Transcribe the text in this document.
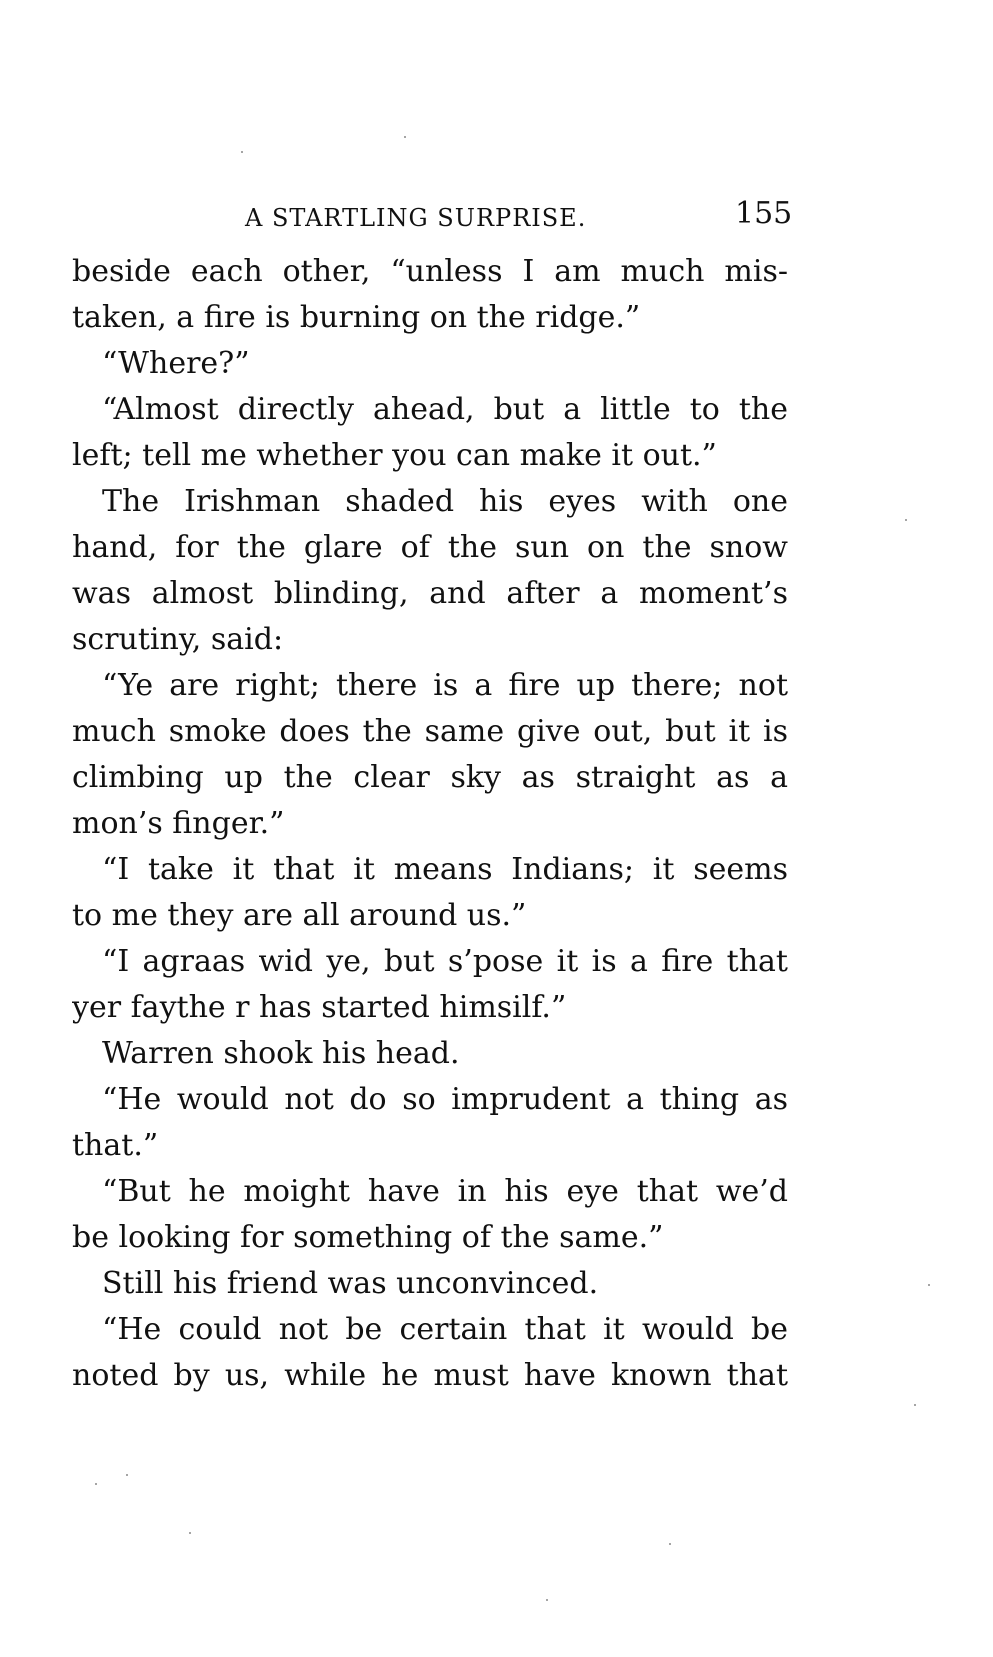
A STARTLING SURPRISE.	155
beside each other, “unless I am much mis-
taken, a fire is burning on the ridge.”
“Where?”
“Almost directly ahead, but a little to the
left; tell me whether you can make it out.”
The Irishman shaded his eyes with one
hand, for the glare of the sun on the snow
was almost blinding, and after a moment’s
scrutiny, said:
“Ye are right; there is a fire up there; not
much smoke does the same give out, but it is
climbing up the clear sky as straight as a
mon’s finger.”
“I take it that it means Indians; it seems
to me they are all around us.”
“I agraas wid ye, but s’pose it is a fire that
yer faythe r has started himsilf.”
Warren shook his head.
“He would not do so imprudent a thing as
that.”
“But he moight have in his eye that we’d
be looking for something of the same.”
Still his friend was unconvinced.
“He could not be certain that it would be
noted by us, while he must have known that
